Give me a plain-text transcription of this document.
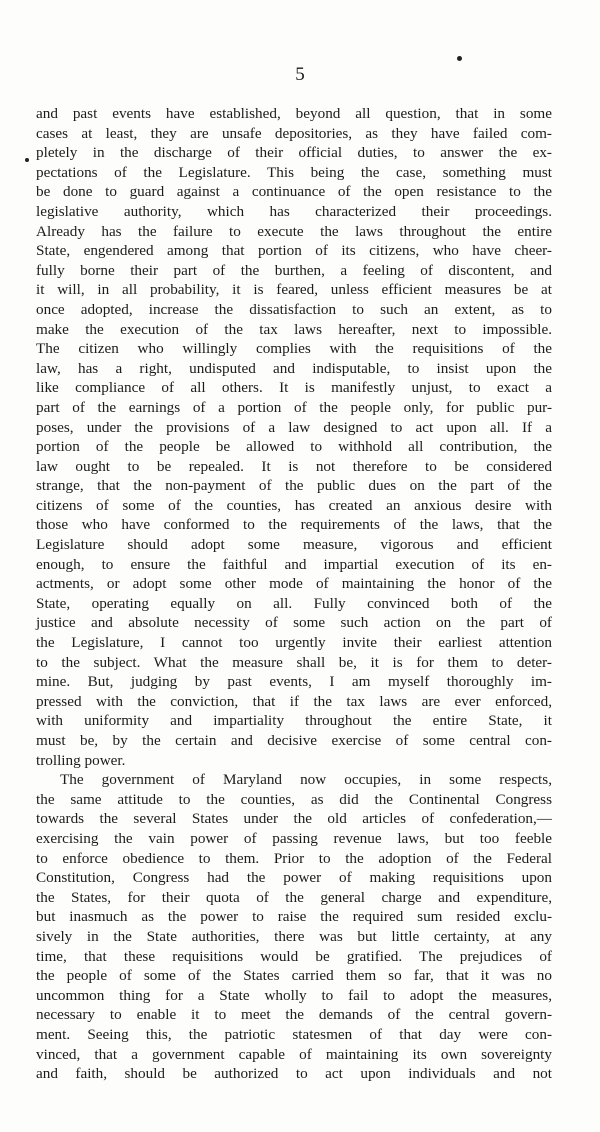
5
and past events have established, beyond all question, that in some
cases at least, they are unsafe depositories, as they have failed com-
pletely in the discharge of their official duties, to answer the ex-
pectations of the Legislature. This being the case, something must
be done to guard against a continuance of the open resistance to the
legislative authority, which has characterized their proceedings.
Already has the failure to execute the laws throughout the entire
State, engendered among that portion of its citizens, who have cheer-
fully borne their part of the burthen, a feeling of discontent, and
it will, in all probability, it is feared, unless efficient measures be at
once adopted, increase the dissatisfaction to such an extent, as to
make the execution of the tax laws hereafter, next to impossible.
The citizen who willingly complies with the requisitions of the
law, has a right, undisputed and indisputable, to insist upon the
like compliance of all others. It is manifestly unjust, to exact a
part of the earnings of a portion of the people only, for public pur-
poses, under the provisions of a law designed to act upon all. If a
portion of the people be allowed to withhold all contribution, the
law ought to be repealed. It is not therefore to be considered
strange, that the non-payment of the public dues on the part of the
citizens of some of the counties, has created an anxious desire with
those who have conformed to the requirements of the laws, that the
Legislature should adopt some measure, vigorous and efficient
enough, to ensure the faithful and impartial execution of its en-
actments, or adopt some other mode of maintaining the honor of the
State, operating equally on all. Fully convinced both of the
justice and absolute necessity of some such action on the part of
the Legislature, I cannot too urgently invite their earliest attention
to the subject. What the measure shall be, it is for them to deter-
mine. But, judging by past events, I am myself thoroughly im-
pressed with the conviction, that if the tax laws are ever enforced,
with uniformity and impartiality throughout the entire State, it
must be, by the certain and decisive exercise of some central con-
trolling power.
The government of Maryland now occupies, in some respects,
the same attitude to the counties, as did the Continental Congress
towards the several States under the old articles of confederation,—
exercising the vain power of passing revenue laws, but too feeble
to enforce obedience to them. Prior to the adoption of the Federal
Constitution, Congress had the power of making requisitions upon
the States, for their quota of the general charge and expenditure,
but inasmuch as the power to raise the required sum resided exclu-
sively in the State authorities, there was but little certainty, at any
time, that these requisitions would be gratified. The prejudices of
the people of some of the States carried them so far, that it was no
uncommon thing for a State wholly to fail to adopt the measures,
necessary to enable it to meet the demands of the central govern-
ment. Seeing this, the patriotic statesmen of that day were con-
vinced, that a government capable of maintaining its own sovereignty
and faith, should be authorized to act upon individuals and not
